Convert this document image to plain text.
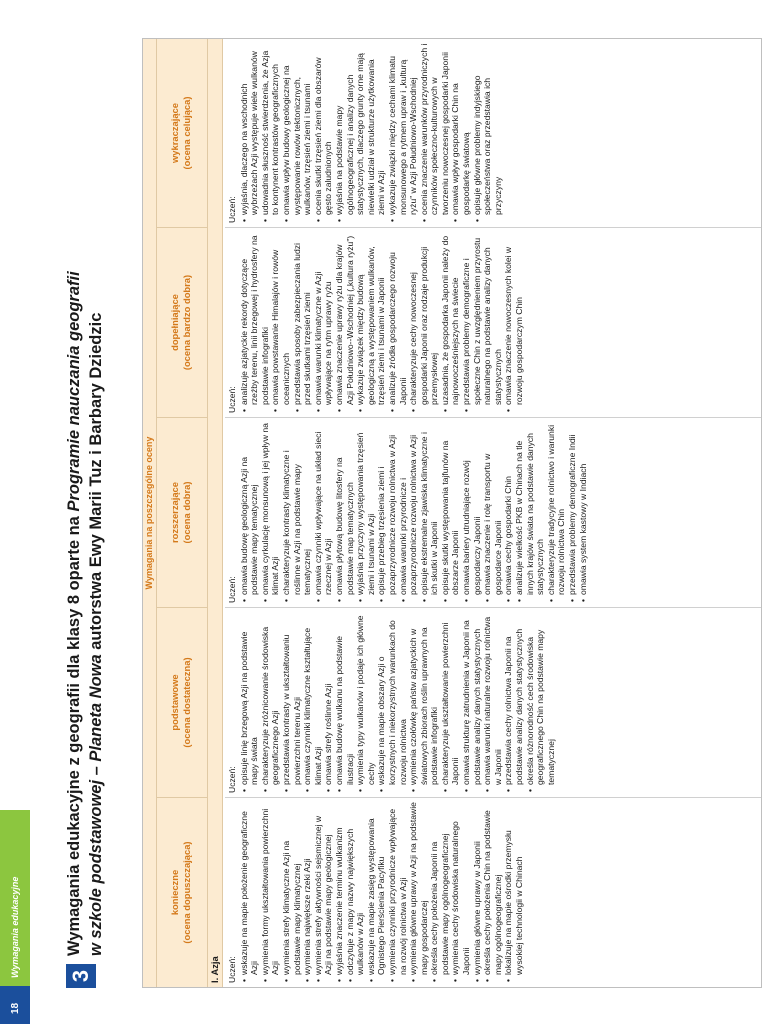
Wymagania edukacyjne
18
3
Wymagania edukacyjne z geografii dla klasy 8 oparte na Programie nauczania geografii
w szkole podstawowej – Planeta Nowa autorstwa Ewy Marii Tuz i Barbary Dziedzic	Wymagania na poszczególne oceny
konieczne (ocena dopuszczająca)
podstawowe (ocena dostateczna)
rozszerzające (ocena dobra)
dopełniające (ocena bardzo dobra)
wykraczające (ocena celująca)
I. Azja Uczeń: • wskazuje na mapie położenie geograficzne Azji • wymienia formy ukształtowania powierzchni Azji • wymienia strefy klimatyczne Azji na podstawie mapy klimatycznej • wymienia największe rzeki Azji • wymienia strefy aktywności sejsmicznej w Azji na podstawie mapy geologicznej • wyjaśnia znaczenie terminu wulkanizm • odczytuje z mapy nazwy największych wulkanów w Azji • wskazuje na mapie zasięg występowania Ognistego Pierścienia Pacyfiku • wymienia czynniki przyrodnicze wpływające na rozwój rolnictwa w Azji • wymienia główne uprawy w Azji na podstawie mapy gospodarczej • określa cechy położenia Japonii na podstawie mapy ogólnogeograficznej • wymienia cechy środowiska naturalnego Japonii • wymienia główne uprawy w Japonii • określa cechy położenia Chin na podstawie mapy ogólnogeograficznej • lokalizuje na mapie ośrodki przemysłu wysokiej technologii w Chinach
Uczeń: • opisuje linię brzegową Azji na podstawie mapy świata • charakteryzuje zróżnicowanie środowiska geograficznego Azji • przedstawia kontrasty w ukształtowaniu powierzchni terenu Azji • omawia czynniki klimatyczne kształtujące klimat Azji • omawia strefy roślinne Azji • omawia budowę wulkanu na podstawie ilustracji • wymienia typy wulkanów i podaje ich główne cechy • wskazuje na mapie obszary Azji o korzystnych i niekorzystnych warunkach do rozwoju rolnictwa • wymienia czołówkę państw azjatyckich w światowych zbiorach roślin uprawnych na podstawie infografiki • charakteryzuje ukształtowanie powierzchni Japonii • omawia strukturę zatrudnienia w Japonii na podstawie analizy danych statystycznych • omawia warunki naturalne rozwoju rolnictwa w Japonii • przedstawia cechy rolnictwa Japonii na podstawie analizy danych statystycznych • określa różnorodność cech środowiska geograficznego Chin na podstawie mapy tematycznej
Uczeń: • omawia budowę geologiczną Azji na podstawie mapy tematycznej • omawia cyrkulację monsunową i jej wpływ na klimat Azji • charakteryzuje kontrasty klimatyczne i roślinne w Azji na podstawie mapy tematycznej • omawia czynniki wpływające na układ sieci rzecznej w Azji • omawia płytową budowę litosfery na podstawie map tematycznych • wyjaśnia przyczyny występowania trzęsień ziemi i tsunami w Azji • opisuje przebieg trzęsienia ziemi i pozaprzyrodnicze rozwoju rolnictwa w Azji • omawia warunki przyrodnicze i pozaprzyrodnicze rozwoju rolnictwa w Azji • opisuje ekstremalne zjawiska klimatyczne i ich skutki w Japonii • opisuje skutki występowania tajfunów na obszarze Japonii • omawia bariery utrudniające rozwój gospodarczy Japonii • omawia znaczenie i rolę transportu w gospodarce Japonii • omawia cechy gospodarki Chin • analizuje wielkość PKB w Chinach na tle innych krajów świata na podstawie danych statystycznych • charakteryzuje tradycyjne rolnictwo i warunki rozwoju rolnictwa Chin • przedstawia problemy demograficzne Indii • omawia system kastowy w Indiach
Uczeń: • analizuje azjatyckie rekordy dotyczące rzeźby terenu, linii brzegowej i hydrosfery na podstawie infografiki • omawia powstawanie Himalajów i rowów oceanicznych • przedstawia sposoby zabezpieczania ludzi przed skutkami trzęsień ziemi • omawia warunki klimatyczne w Azji wpływające na rytm uprawy ryżu • omawia znaczenie uprawy ryżu dla krajów Azji Południowo--Wschodniej („kultura ryżu”) • wykazuje związek między budową geologiczną a występowaniem wulkanów, trzęsień ziemi i tsunami w Japonii • analizuje źródła gospodarczego rozwoju Japonii • charakteryzuje cechy nowoczesnej gospodarki Japonii oraz rodzaje produkcji przemysłowej • uzasadnia, że gospodarka Japonii należy do najnowocześniejszych na świecie • przedstawia problemy demograficzne i społeczne Chin z uwzględnieniem przyrostu naturalnego na podstawie analizy danych statystycznych • omawia znaczenie nowoczesnych kolei w rozwoju gospodarczym Chin
Uczeń: • wyjaśnia, dlaczego na wschodnich wybrzeżach Azji występuje wiele wulkanów • udowadnia słuszność stwierdzenia, że Azja to kontynent kontrastów geograficznych • omawia wpływ budowy geologicznej na występowanie rowów tektonicznych, wulkanów, trzęsień ziemi i tsunami • ocenia skutki trzęsień ziemi dla obszarów gęsto zaludnionych • wyjaśnia na podstawie mapy ogólnogeograficznej i analizy danych statystycznych, dlaczego grunty orne mają niewielki udział w strukturze użytkowania ziemi w Azji • wykazuje związki między cechami klimatu monsunowego a rytmem upraw i „kulturą ryżu” w Azji Południowo-Wschodniej • ocenia znaczenie warunków przyrodniczych i czynników społeczno-kulturowych w tworzeniu nowoczesnej gospodarki Japonii • omawia wpływ gospodarki Chin na gospodarkę światową • opisuje główne problemy indyjskiego społeczeństwa oraz przedstawia ich przyczyny
